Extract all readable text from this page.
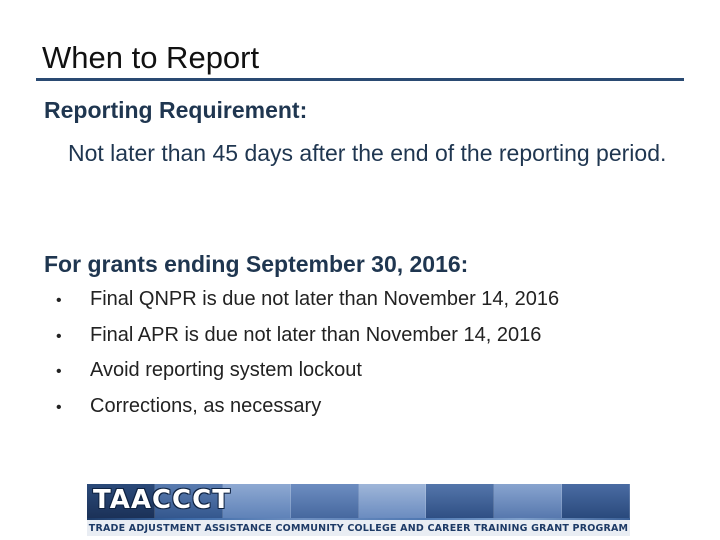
When to Report
Reporting Requirement:
Not later than 45 days after the end of the reporting period.
For grants ending September 30, 2016:
•	Final QNPR is due not later than November 14, 2016
•	Final APR is due not later than November 14, 2016
•	Avoid reporting system lockout
•	Corrections, as necessary
TAACCCT
TRADE ADJUSTMENT ASSISTANCE COMMUNITY COLLEGE AND CAREER TRAINING GRANT PROGRAM
